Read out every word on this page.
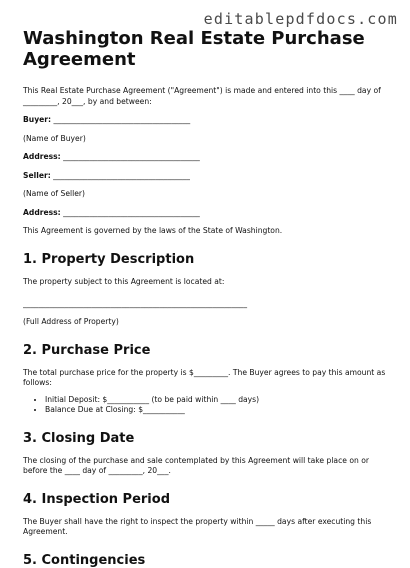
editablepdfdocs.com
Washington Real Estate Purchase Agreement

This Real Estate Purchase Agreement ("Agreement") is made and entered into this ____ day of _________, 20___, by and between:

Buyer: ____________________________________

(Name of Buyer)

Address: ____________________________________

Seller: ____________________________________

(Name of Seller)

Address: ____________________________________

This Agreement is governed by the laws of the State of Washington.

1. Property Description

The property subject to this Agreement is located at:

___________________________________________________________

(Full Address of Property)

2. Purchase Price

The total purchase price for the property is $_________. The Buyer agrees to pay this amount as follows:

• Initial Deposit: $___________ (to be paid within ____ days)
• Balance Due at Closing: $___________
3. Closing Date

The closing of the purchase and sale contemplated by this Agreement will take place on or before the ____ day of _________, 20___.

4. Inspection Period

The Buyer shall have the right to inspect the property within _____ days after executing this Agreement.

5. Contingencies
